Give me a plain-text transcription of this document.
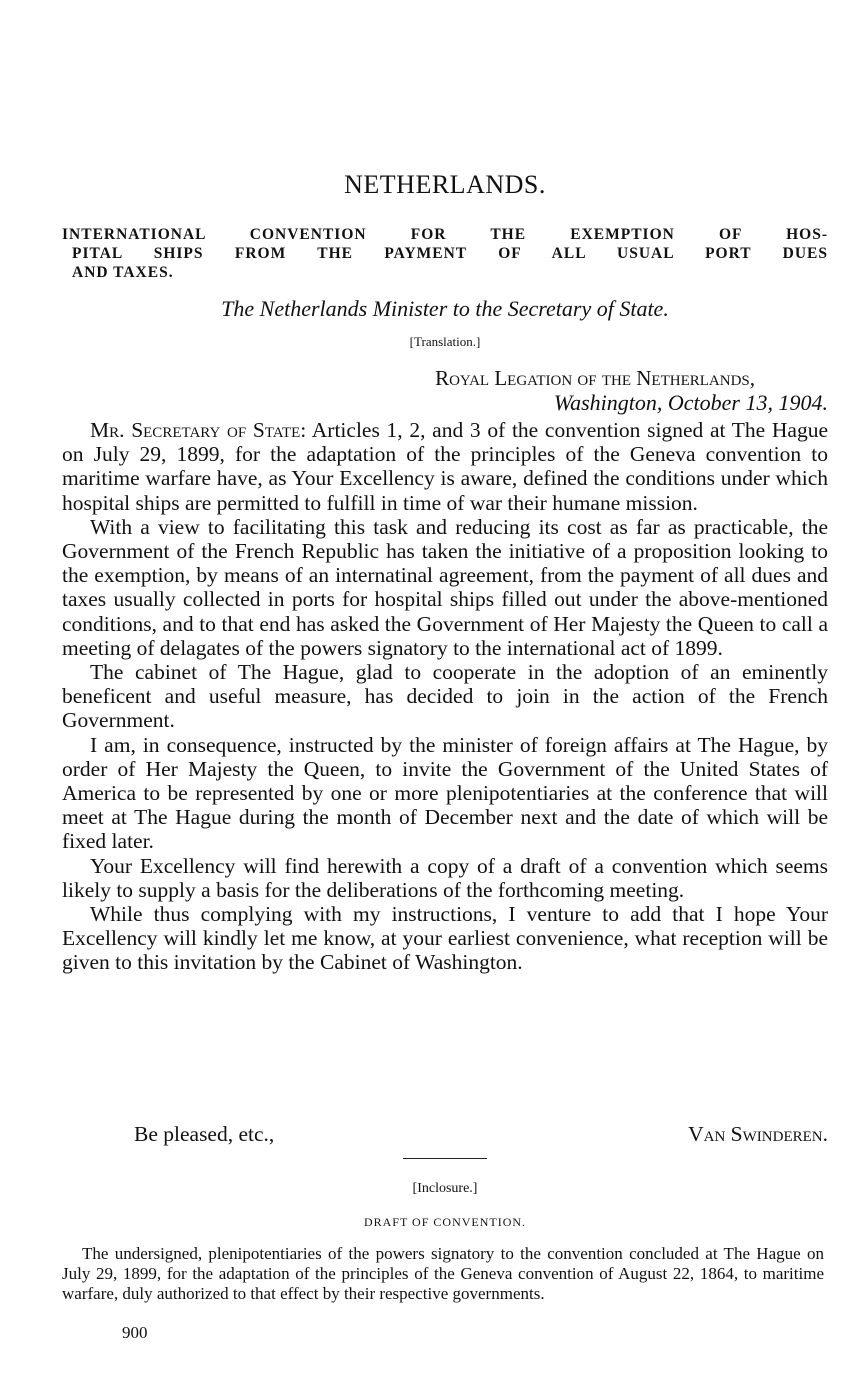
NETHERLANDS.
INTERNATIONAL CONVENTION FOR THE EXEMPTION OF HOS-
PITAL SHIPS FROM THE PAYMENT OF ALL USUAL PORT DUES
AND TAXES.
The Netherlands Minister to the Secretary of State.
[Translation.]
Royal Legation of the Netherlands,
Washington, October 13, 1904.

Mr. Secretary of State: Articles 1, 2, and 3 of the convention signed at The Hague on July 29, 1899, for the adaptation of the principles of the Geneva convention to maritime warfare have, as Your Excellency is aware, defined the conditions under which hospital ships are permitted to fulfill in time of war their humane mission.

With a view to facilitating this task and reducing its cost as far as practicable, the Government of the French Republic has taken the initiative of a proposition looking to the exemption, by means of an internatinal agreement, from the payment of all dues and taxes usually collected in ports for hospital ships filled out under the above-mentioned conditions, and to that end has asked the Government of Her Majesty the Queen to call a meeting of delagates of the powers signatory to the international act of 1899.

The cabinet of The Hague, glad to cooperate in the adoption of an eminently beneficent and useful measure, has decided to join in the action of the French Government.

I am, in consequence, instructed by the minister of foreign affairs at The Hague, by order of Her Majesty the Queen, to invite the Government of the United States of America to be represented by one or more plenipotentiaries at the conference that will meet at The Hague during the month of December next and the date of which will be fixed later.

Your Excellency will find herewith a copy of a draft of a convention which seems likely to supply a basis for the deliberations of the forthcoming meeting.

While thus complying with my instructions, I venture to add that I hope Your Excellency will kindly let me know, at your earliest convenience, what reception will be given to this invitation by the Cabinet of Washington.

Be pleased, etc.,	Van Swinderen.
[Inclosure.]
DRAFT OF CONVENTION.

The undersigned, plenipotentiaries of the powers signatory to the convention concluded at The Hague on July 29, 1899, for the adaptation of the principles of the Geneva convention of August 22, 1864, to maritime warfare, duly authorized to that effect by their respective governments.

900
